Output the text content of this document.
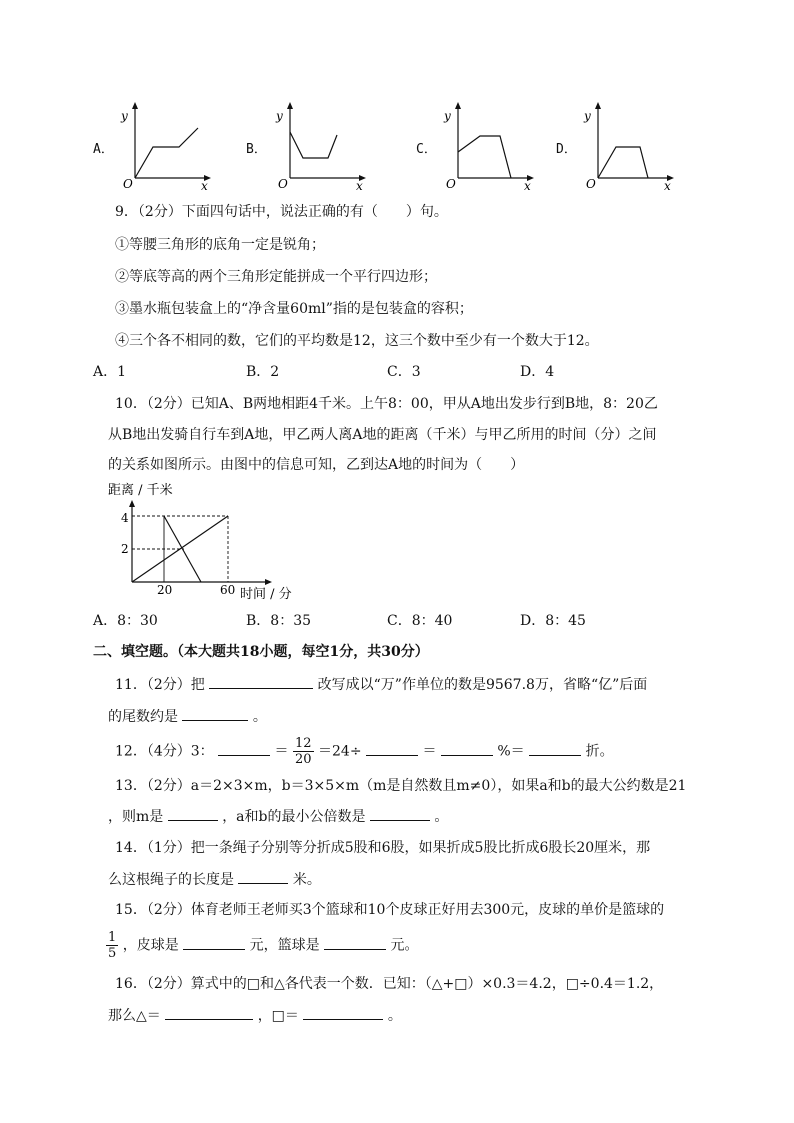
A．
y
x
O
B．
y
x
O
C．
y
x
O
D．
y
x
O
9．（2分）下面四句话中，说法正确的有（　　）句。
①等腰三角形的底角一定是锐角；
②等底等高的两个三角形定能拼成一个平行四边形；
③墨水瓶包装盒上的“净含量60ml”指的是包装盒的容积；
④三个各不相同的数，它们的平均数是12，这三个数中至少有一个数大于12。
A．1	B．2	C．3	D．4
10．（2分）已知A、B两地相距4千米。上午8：00，甲从A地出发步行到B地，8：20乙
从B地出发骑自行车到A地，甲乙两人离A地的距离（千米）与甲乙所用的时间（分）之间
的关系如图所示。由图中的信息可知，乙到达A地的时间为（　　）
距离 / 千米
4
2
20	60 时间 / 分
A．8：30	B．8：35	C．8：40	D．8：45
二、填空题。（本大题共18小题，每空1分，共30分）
11．（2分）把	改写成以“万”作单位的数是9567.8万，省略“亿”后面
的尾数约是	。
12．（4分）3：	＝ $\frac{12}{20} =24\div$	＝	%＝	折。
13．（2分）a＝2×3×m，b＝3×5×m（m是自然数且m≠0），如果a和b的最大公约数是21
，则m是	，a和b的最小公倍数是	。
14．（1分）把一条绳子分别等分折成5股和6股，如果折成5股比折成6股长20厘米，那
么这根绳子的长度是	米。
15．（2分）体育老师王老师买3个篮球和10个皮球正好用去300元，皮球的单价是篮球的
$\frac{1}{5}$ ，皮球是	元，篮球是	元。
16．（2分）算式中的□和△各代表一个数．已知：（△+□）×0.3＝4.2，□÷0.4＝1.2，
那么△＝	，□＝	。
